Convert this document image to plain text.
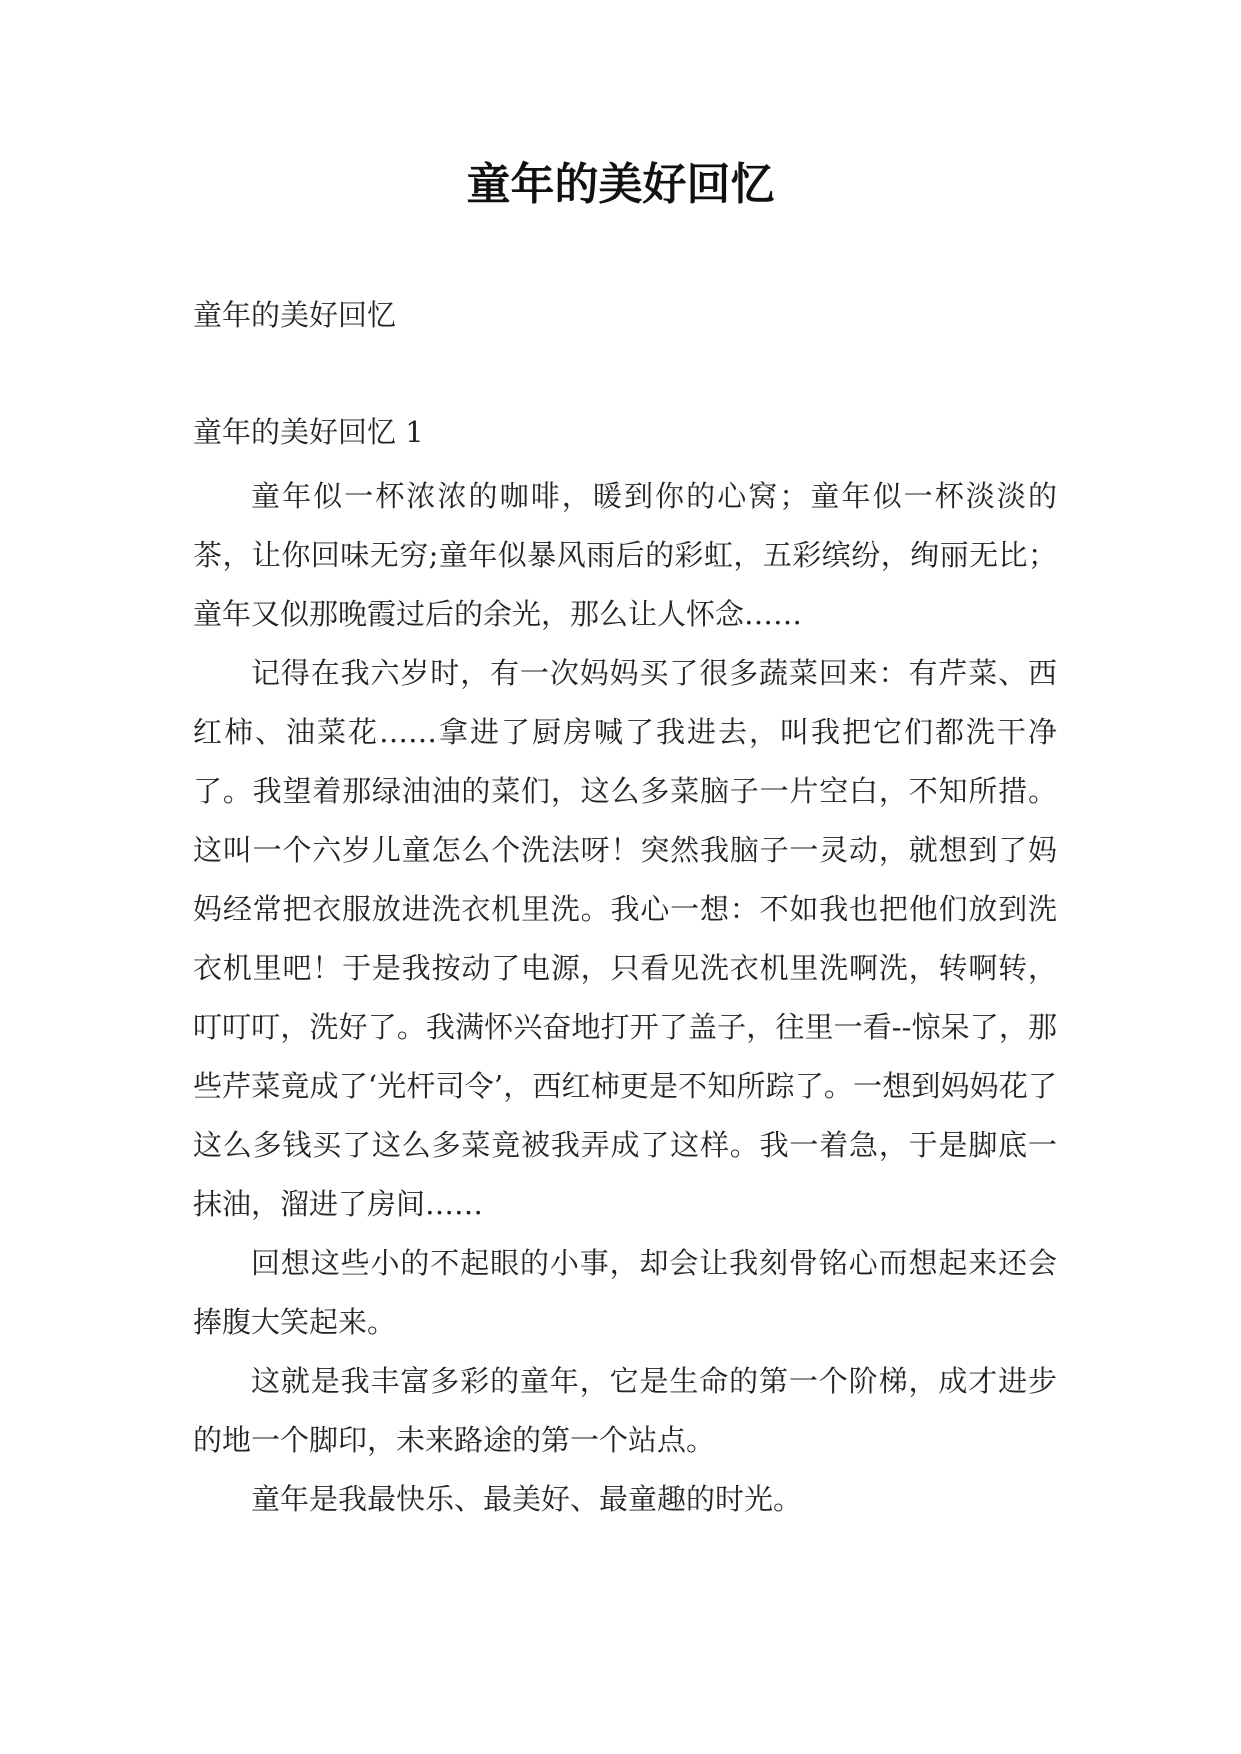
童年的美好回忆
童年的美好回忆
童年的美好回忆 1

童年似一杯浓浓的咖啡，暖到你的心窝；童年似一杯淡淡的茶，让你回味无穷;童年似暴风雨后的彩虹，五彩缤纷，绚丽无比；童年又似那晚霞过后的余光，那么让人怀念……

记得在我六岁时，有一次妈妈买了很多蔬菜回来：有芹菜、西红柿、油菜花……拿进了厨房喊了我进去，叫我把它们都洗干净了。我望着那绿油油的菜们，这么多菜脑子一片空白，不知所措。这叫一个六岁儿童怎么个洗法呀！突然我脑子一灵动，就想到了妈妈经常把衣服放进洗衣机里洗。我心一想：不如我也把他们放到洗衣机里吧！于是我按动了电源，只看见洗衣机里洗啊洗，转啊转，叮叮叮，洗好了。我满怀兴奋地打开了盖子，往里一看--惊呆了，那些芹菜竟成了‘光杆司令’，西红柿更是不知所踪了。一想到妈妈花了这么多钱买了这么多菜竟被我弄成了这样。我一着急，于是脚底一抹油，溜进了房间……

回想这些小的不起眼的小事，却会让我刻骨铭心而想起来还会捧腹大笑起来。

这就是我丰富多彩的童年，它是生命的第一个阶梯，成才进步的地一个脚印，未来路途的第一个站点。

童年是我最快乐、最美好、最童趣的时光。
